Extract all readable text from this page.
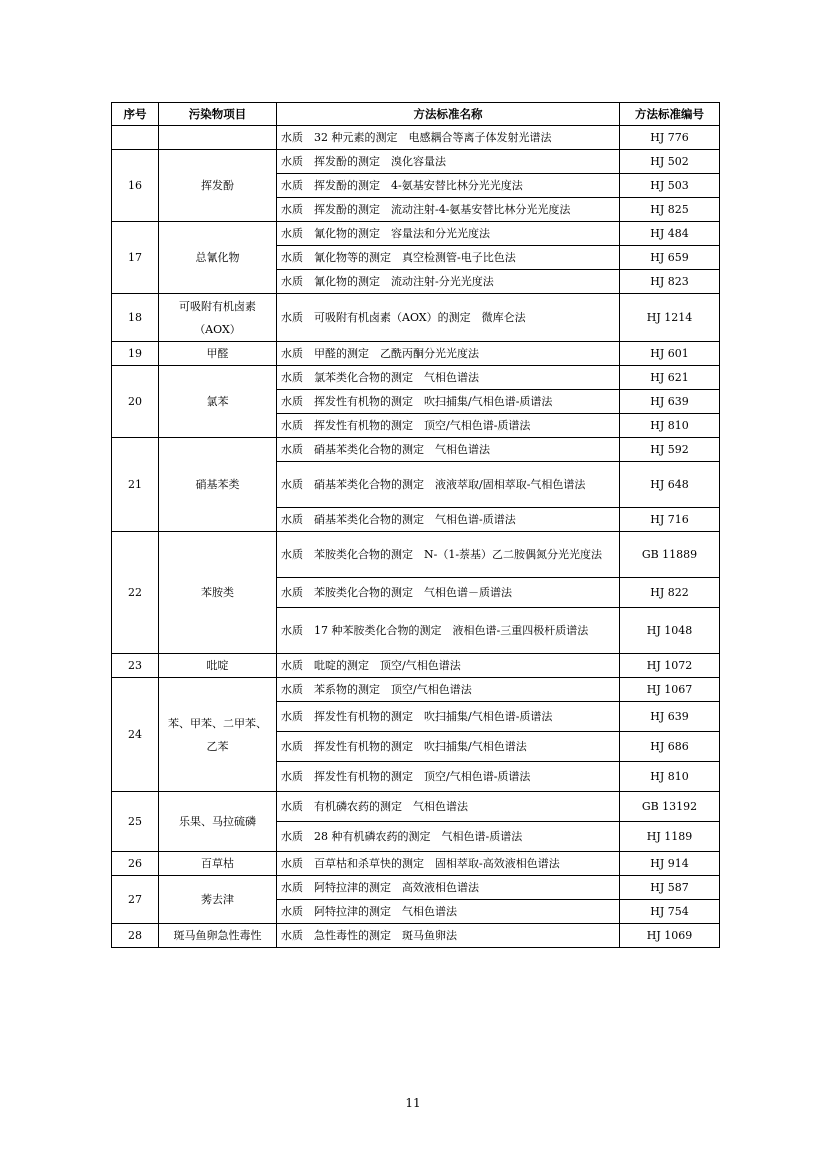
序号	污染物项目	方法标准名称	方法标准编号
		水质　32 种元素的测定　电感耦合等离子体发射光谱法	HJ 776
16	挥发酚	水质　挥发酚的测定　溴化容量法	HJ 502
		水质　挥发酚的测定　4-氨基安替比林分光光度法	HJ 503
		水质　挥发酚的测定　流动注射-4-氨基安替比林分光光度法	HJ 825
17	总氰化物	水质　氰化物的测定　容量法和分光光度法	HJ 484
		水质　氰化物等的测定　真空检测管-电子比色法	HJ 659
		水质　氰化物的测定　流动注射-分光光度法	HJ 823
18	可吸附有机卤素（AOX）	水质　可吸附有机卤素（AOX）的测定　微库仑法	HJ 1214
19	甲醛	水质　甲醛的测定　乙酰丙酮分光光度法	HJ 601
20	氯苯	水质　氯苯类化合物的测定　气相色谱法	HJ 621
		水质　挥发性有机物的测定　吹扫捕集/气相色谱-质谱法	HJ 639
		水质　挥发性有机物的测定　顶空/气相色谱-质谱法	HJ 810
21	硝基苯类	水质　硝基苯类化合物的测定　气相色谱法	HJ 592
		水质　硝基苯类化合物的测定　液液萃取/固相萃取-气相色谱法	HJ 648
		水质　硝基苯类化合物的测定　气相色谱-质谱法	HJ 716
22	苯胺类	水质　苯胺类化合物的测定　N-（1-萘基）乙二胺偶氮分光光度法	GB 11889
		水质　苯胺类化合物的测定　气相色谱－质谱法	HJ 822
		水质　17 种苯胺类化合物的测定　液相色谱-三重四极杆质谱法	HJ 1048
23	吡啶	水质　吡啶的测定　顶空/气相色谱法	HJ 1072
24	苯、甲苯、二甲苯、乙苯	水质　苯系物的测定　顶空/气相色谱法	HJ 1067
		水质　挥发性有机物的测定　吹扫捕集/气相色谱-质谱法	HJ 639
		水质　挥发性有机物的测定　吹扫捕集/气相色谱法	HJ 686
		水质　挥发性有机物的测定　顶空/气相色谱-质谱法	HJ 810
25	乐果、马拉硫磷	水质　有机磷农药的测定　气相色谱法	GB 13192
		水质　28 种有机磷农药的测定　气相色谱-质谱法	HJ 1189
26	百草枯	水质　百草枯和杀草快的测定　固相萃取-高效液相色谱法	HJ 914
27	莠去津	水质　阿特拉津的测定　高效液相色谱法	HJ 587
		水质　阿特拉津的测定　气相色谱法	HJ 754
28	斑马鱼卵急性毒性	水质　急性毒性的测定　斑马鱼卵法	HJ 1069
11
